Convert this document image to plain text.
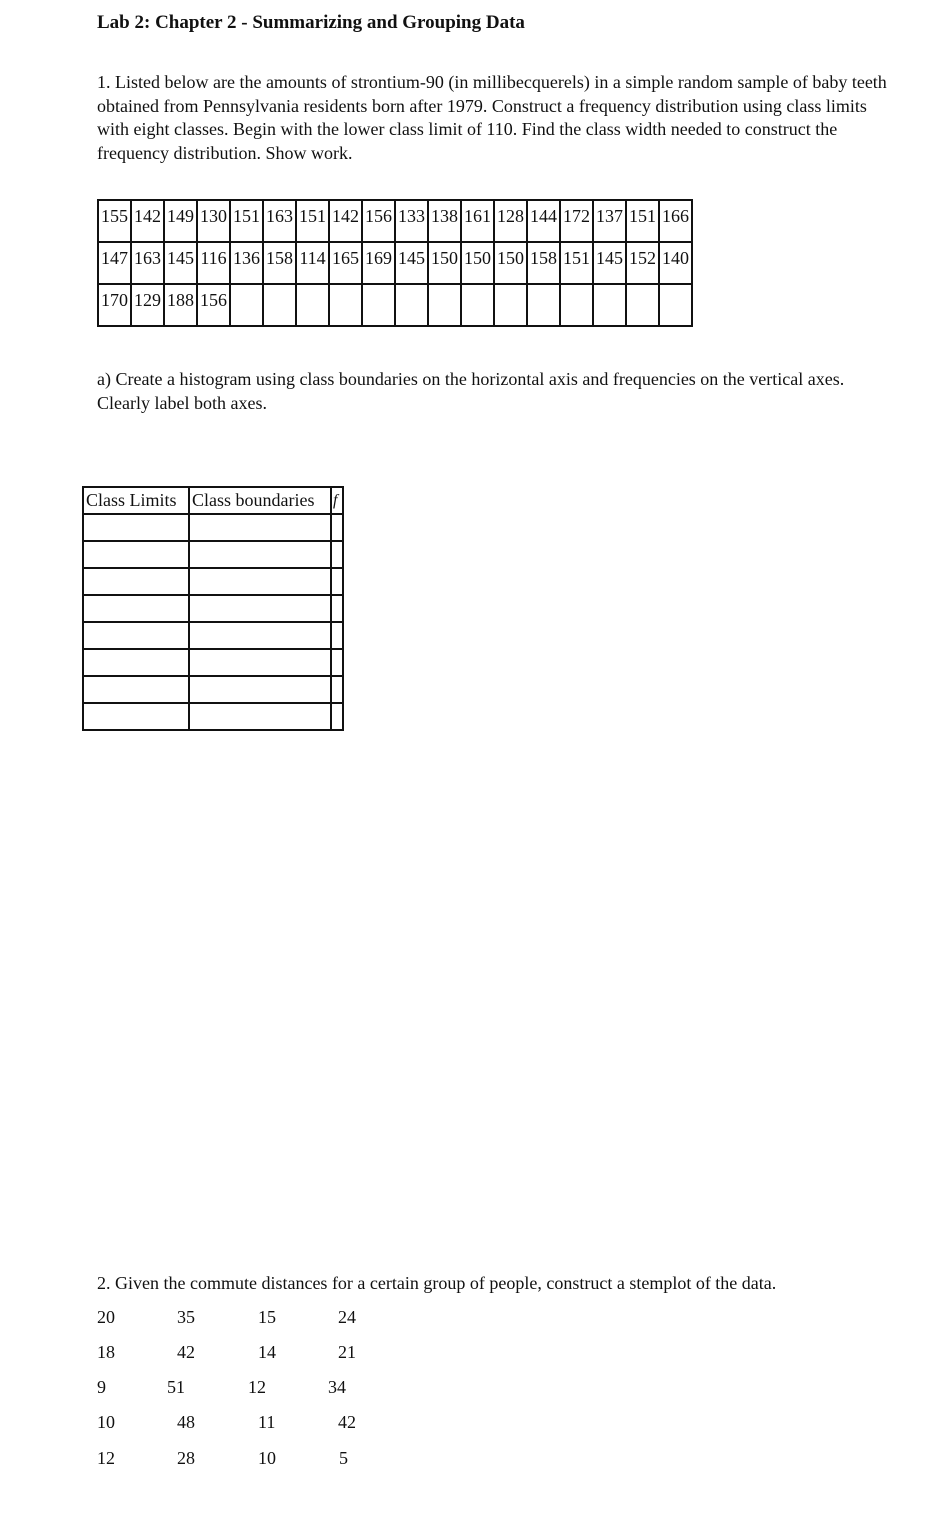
Lab 2: Chapter 2 - Summarizing and Grouping Data
1. Listed below are the amounts of strontium-90 (in millibecquerels) in a simple random sample of baby teeth obtained from Pennsylvania residents born after 1979. Construct a frequency distribution using class limits with eight classes. Begin with the lower class limit of 110. Find the class width needed to construct the frequency distribution. Show work.
155	142	149	130	151	163	151	142	156	133	138	161	128	144	172	137	151	166
147	163	145	116	136	158	114	165	169	145	150	150	150	158	151	145	152	140
170	129	188	156														
a) Create a histogram using class boundaries on the horizontal axis and frequencies on the vertical axes. Clearly label both axes.
Class Limits	Class boundaries	f

2. Given the commute distances for a certain group of people, construct a stemplot of the data.
20	35	15	24
18	42	14	21
9	51	12	34
10	48	11	42
12	28	10	5
